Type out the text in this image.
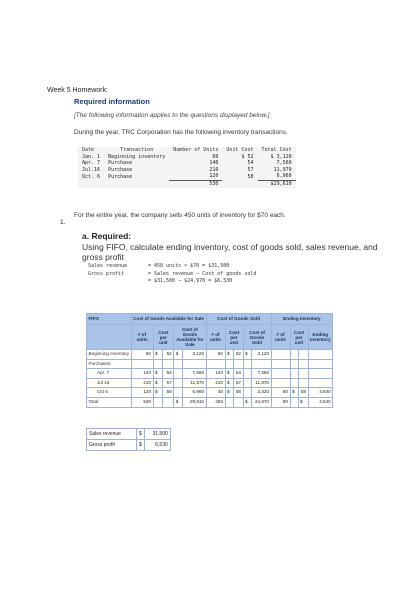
Week 5 Homework:
Required information
[The following information applies to the questions displayed below.]
During the year, TRC Corporation has the following inventory transactions.
Date	Transaction	Number of Units	Unit Cost	Total Cost
Jan. 1	Beginning inventory	60	$ 52	$ 3,120
Apr. 7	Purchase	140	54	7,560
Jul.16	Purchase	210	57	11,970
Oct. 6	Purchase	120	58	6,960
		530		$29,610
1.
For the entire year, the company sells 450 units of inventory for $70 each.
a. Required:
Using FIFO, calculate ending inventory, cost of goods sold, sales revenue, and gross profit
Sales revenue	= 450 units × $70 = $31,500
Gross profit	= Sales revenue − Cost of goods sold
= $31,500 − $24,970 = $6,530
FIFO	Cost of Goods Available for Sale					Cost of Goods Sold					Ending Inventory			
	# of units	Cost per unit		Cost of Goods Available for Sale		# of units	Cost per unit		Cost of Goods Sold		# of units	Cost per unit		Ending Inventory
Beginning Inventory	60	$	52	$	3,120	60	$	52	$	3,120				
Purchases:														
Apr. 7	140	$	54		7,560	140	$	54		7,560				
Jul 16	210	$	57		11,970	210	$	57		11,970				
Oct 6	120	$	58		6,960	40	$	58		2,320	80	$	58	4,640
Total	530			$	29,610	450			$	24,970	80		$	4,640
Sales revenue	$	31,500
Gross profit	$	6,530
